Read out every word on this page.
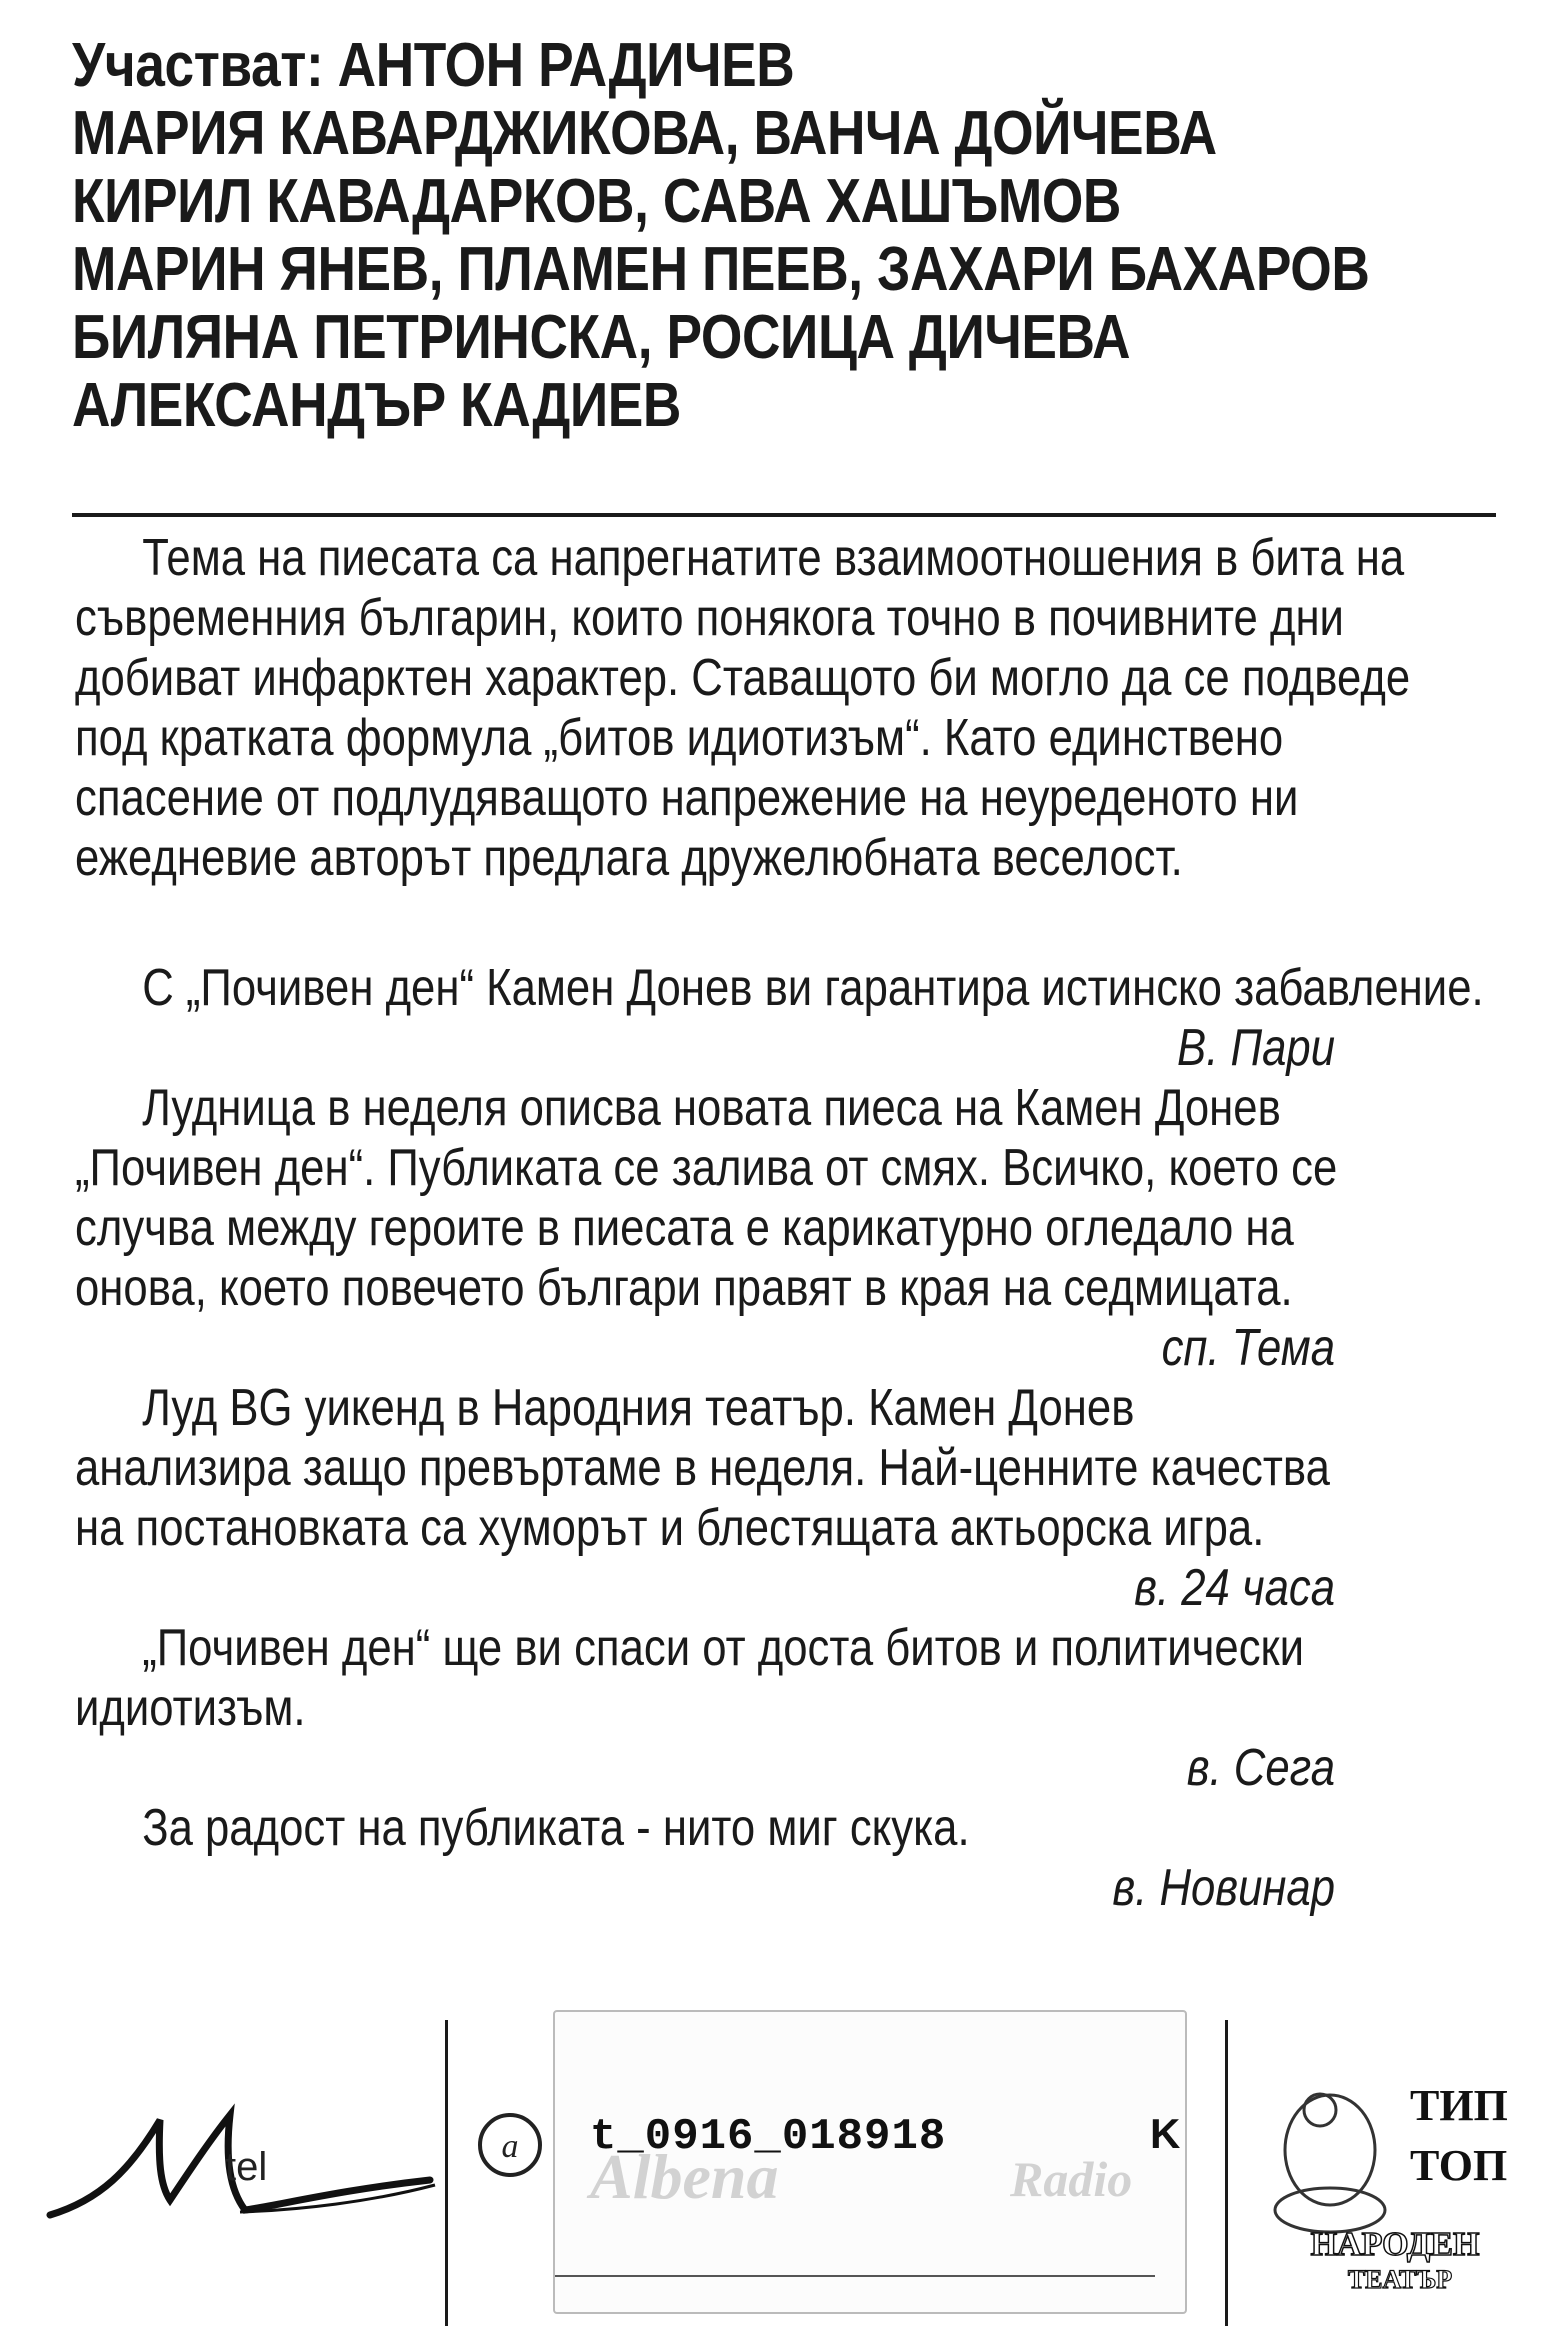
Участват: АНТОН РАДИЧЕВ
МАРИЯ КАВАРДЖИКОВА, ВАНЧА ДОЙЧЕВА
КИРИЛ КАВАДАРКОВ, САВА ХАШЪМОВ
МАРИН ЯНЕВ, ПЛАМЕН ПЕЕВ, ЗАХАРИ БАХАРОВ
БИЛЯНА ПЕТРИНСКА, РОСИЦА ДИЧЕВА
АЛЕКСАНДЪР КАДИЕВ
Тема на пиесата са напрегнатите взаимоотношения в бита на
съвременния българин, които понякога точно в почивните дни
добиват инфарктен характер. Ставащото би могло да се подведе
под кратката формула „битов идиотизъм“. Като единствено
спасение от подлудяващото напрежение на неуреденото ни
ежедневие авторът предлага дружелюбната веселост.
С „Почивен ден“ Камен Донев ви гарантира истинско забавление.
В. Пари
Лудница в неделя описва новата пиеса на Камен Донев
„Почивен ден“. Публиката се залива от смях. Всичко, което се
случва между героите в пиесата е карикатурно огледало на
онова, което повечето българи правят в края на седмицата.
сп. Тема
Луд BG уикенд в Народния театър. Камен Донев
анализира защо превъртаме в неделя. Най-ценните качества
на постановката са хуморът и блестящата актьорска игра.
в. 24 часа
„Почивен ден“ ще ви спаси от доста битов и политически
идиотизъм.
в. Сега
За радост на публиката - нито миг скука.
в. Новинар
tel	a Albena	Radio
t_0916_018918	K
ТИП
ТОП
НАРОДЕН
ТЕАТЪР
